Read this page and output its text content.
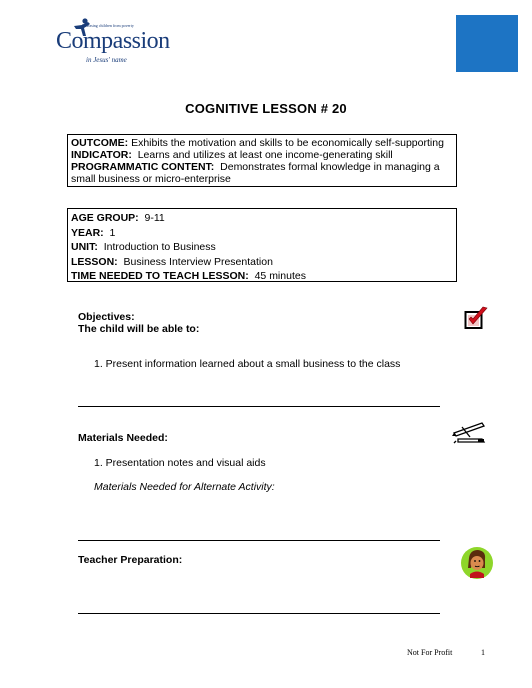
Releasing children from poverty
Compassion
in Jesus' name
COGNITIVE LESSON # 20
OUTCOME: Exhibits the motivation and skills to be economically self-supporting
INDICATOR: Learns and utilizes at least one income-generating skill
PROGRAMMATIC CONTENT: Demonstrates formal knowledge in managing a small business or micro-enterprise
AGE GROUP: 9-11
YEAR: 1
UNIT: Introduction to Business
LESSON: Business Interview Presentation
TIME NEEDED TO TEACH LESSON: 45 minutes
Objectives:
The child will be able to:
1. Present information learned about a small business to the class
Materials Needed:
1. Presentation notes and visual aids
Materials Needed for Alternate Activity:
Teacher Preparation:
Not For Profit	1
